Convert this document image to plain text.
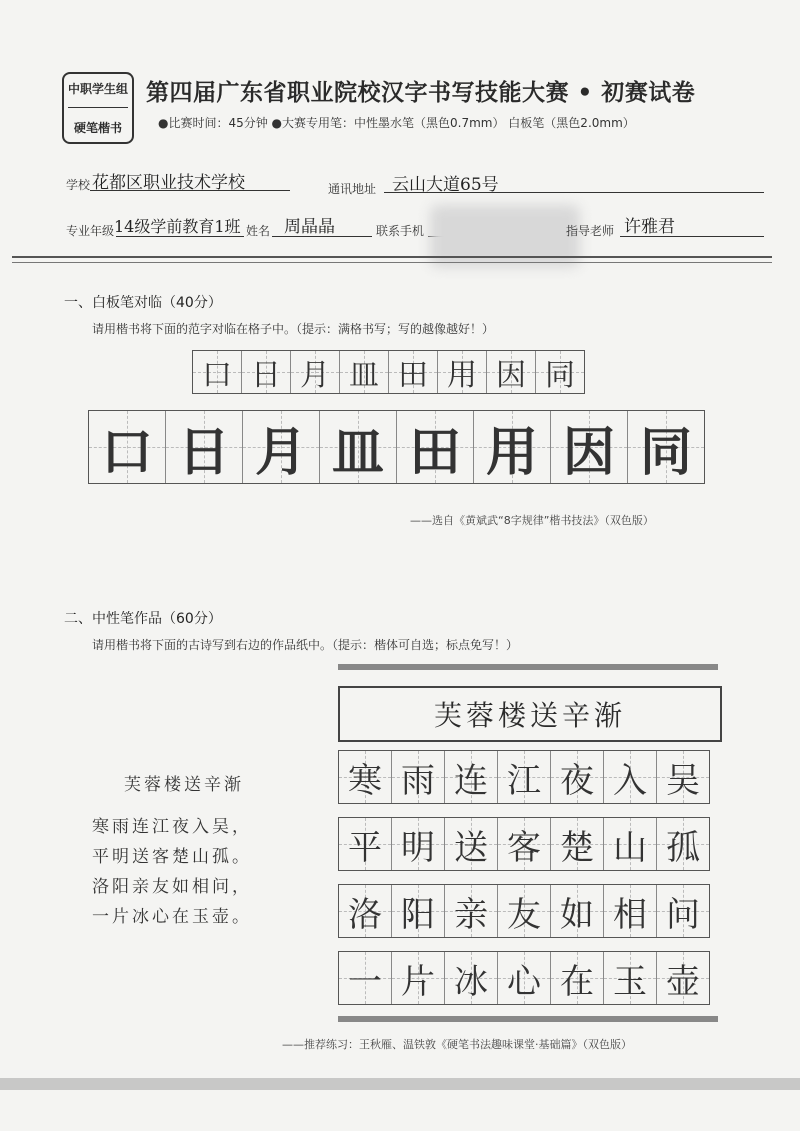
中职学生组
硬笔楷书
第四届广东省职业院校汉字书写技能大赛 • 初赛试卷
●比赛时间：45分钟 ●大赛专用笔：中性墨水笔（黑色0.7mm） 白板笔（黑色2.0mm）
学校 花都区职业技术学校	通讯地址 云山大道65号
专业年级 14级学前教育1班 姓名 周晶晶	联系手机	指导老师 许雅君
一、白板笔对临（40分）
请用楷书将下面的范字对临在格子中。（提示：满格书写；写的越像越好！）
口 日 月 皿 田 用 因 同
口 日 月 皿 田 用 因 同
——选自《黄斌武“8字规律”楷书技法》（双色版）
二、中性笔作品（60分）
请用楷书将下面的古诗写到右边的作品纸中。（提示：楷体可自选；标点免写！）
芙蓉楼送辛渐
寒雨连江夜入吴，
平明送客楚山孤。
洛阳亲友如相问，
一片冰心在玉壶。
芙蓉楼送辛渐
寒 雨 连 江 夜 入 吴
平 明 送 客 楚 山 孤
洛 阳 亲 友 如 相 问
一 片 冰 心 在 玉 壶
——推荐练习：王秋雁、温铁敦《硬笔书法趣味课堂·基础篇》（双色版）
